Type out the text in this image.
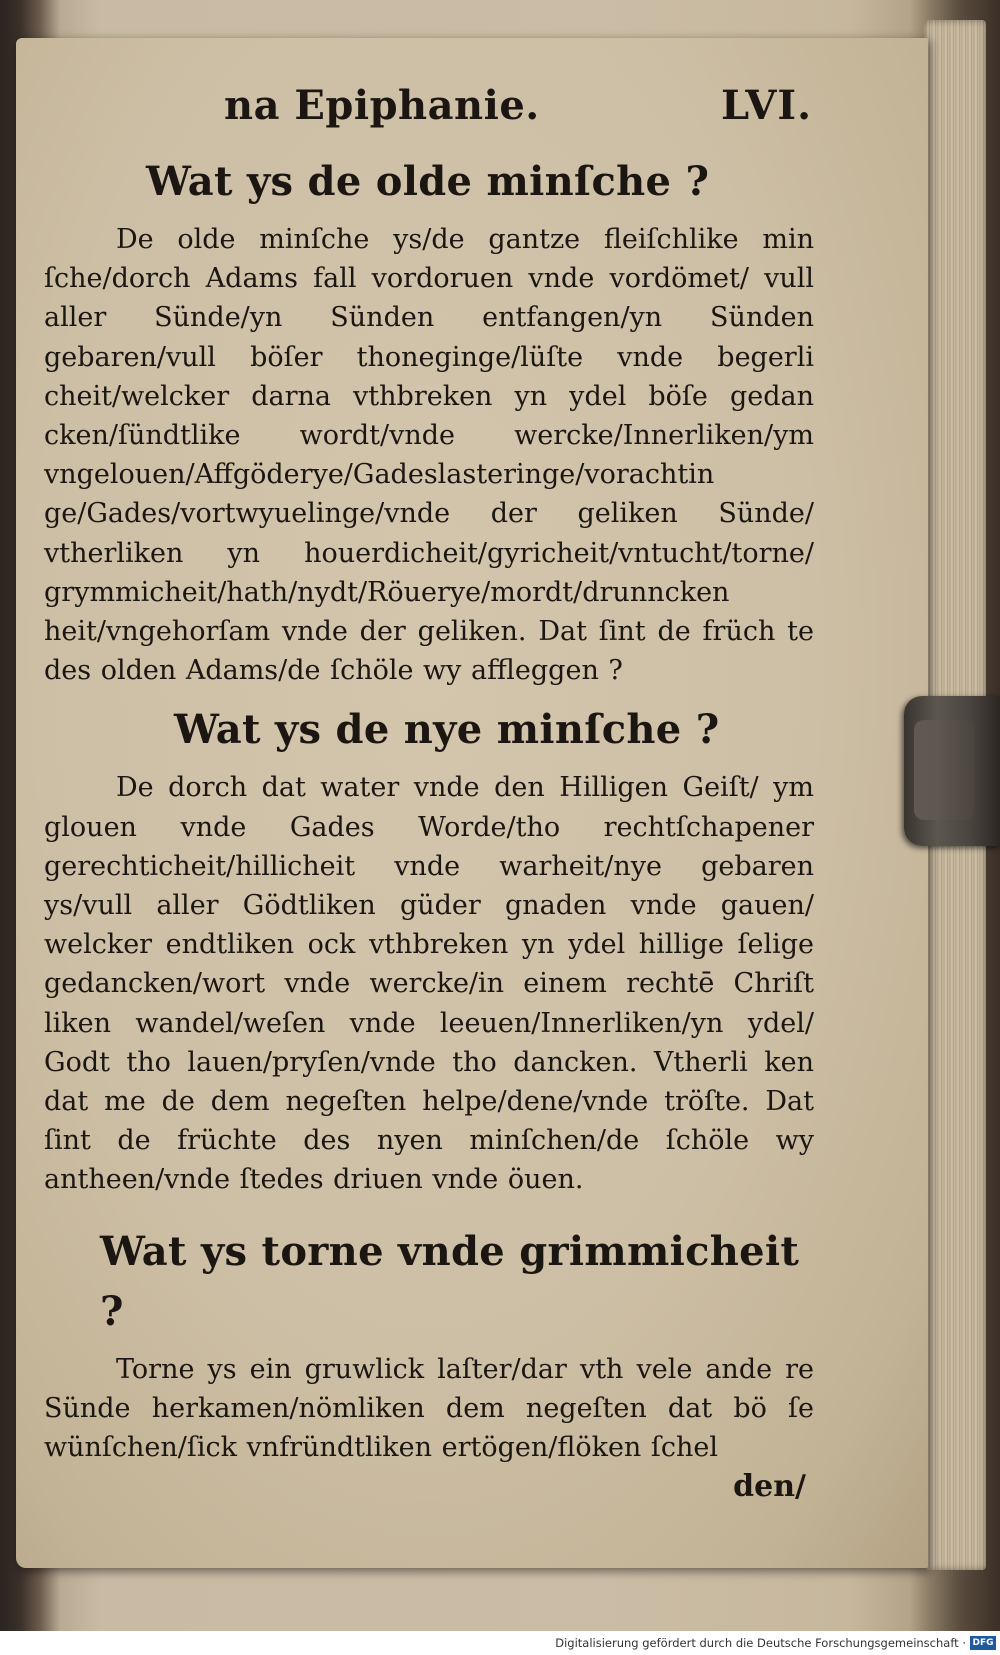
na Epiphanie.	LVI.
Wat ys de olde minſche ?

De olde minſche ys/de gantze fleiſchlike min ſche/dorch Adams fall vordoruen vnde vordömet/ vull aller Sünde/yn Sünden entfangen/yn Sünden gebaren/vull böſer thoneginge/lüſte vnde begerli cheit/welcker darna vthbreken yn ydel böſe gedan cken/ſündtlike wordt/vnde wercke/Innerliken/ym vngelouen/Affgöderye/Gadeslasteringe/vorachtin ge/Gades/vortwyuelinge/vnde der geliken Sünde/ vtherliken yn houerdicheit/gyricheit/vntucht/torne/ grymmicheit/hath/nydt/Röuerye/mordt/drunncken heit/vngehorſam vnde der geliken. Dat ſint de früch te des olden Adams/de ſchöle wy affleggen ?

Wat ys de nye minſche ?

De dorch dat water vnde den Hilligen Geiſt/ ym glouen vnde Gades Worde/tho rechtſchapener gerechticheit/hillicheit vnde warheit/nye gebaren ys/vull aller Gödtliken güder gnaden vnde gauen/ welcker endtliken ock vthbreken yn ydel hillige ſelige gedancken/wort vnde wercke/in einem rechtē Chriſt liken wandel/weſen vnde leeuen/Innerliken/yn ydel/ Godt tho lauen/pryſen/vnde tho dancken. Vtherli ken dat me de dem negeſten helpe/dene/vnde tröſte. Dat ſint de früchte des nyen minſchen/de ſchöle wy antheen/vnde ſtedes driuen vnde öuen.

Wat ys torne vnde grimmicheit ?

Torne ys ein gruwlick laſter/dar vth vele ande re Sünde herkamen/nömliken dem negeſten dat bö ſe wünſchen/ſick vnfründtliken ertögen/flöken ſchel

den/
Digitalisierung gefördert durch die Deutsche Forschungsgemeinschaft · DFG
